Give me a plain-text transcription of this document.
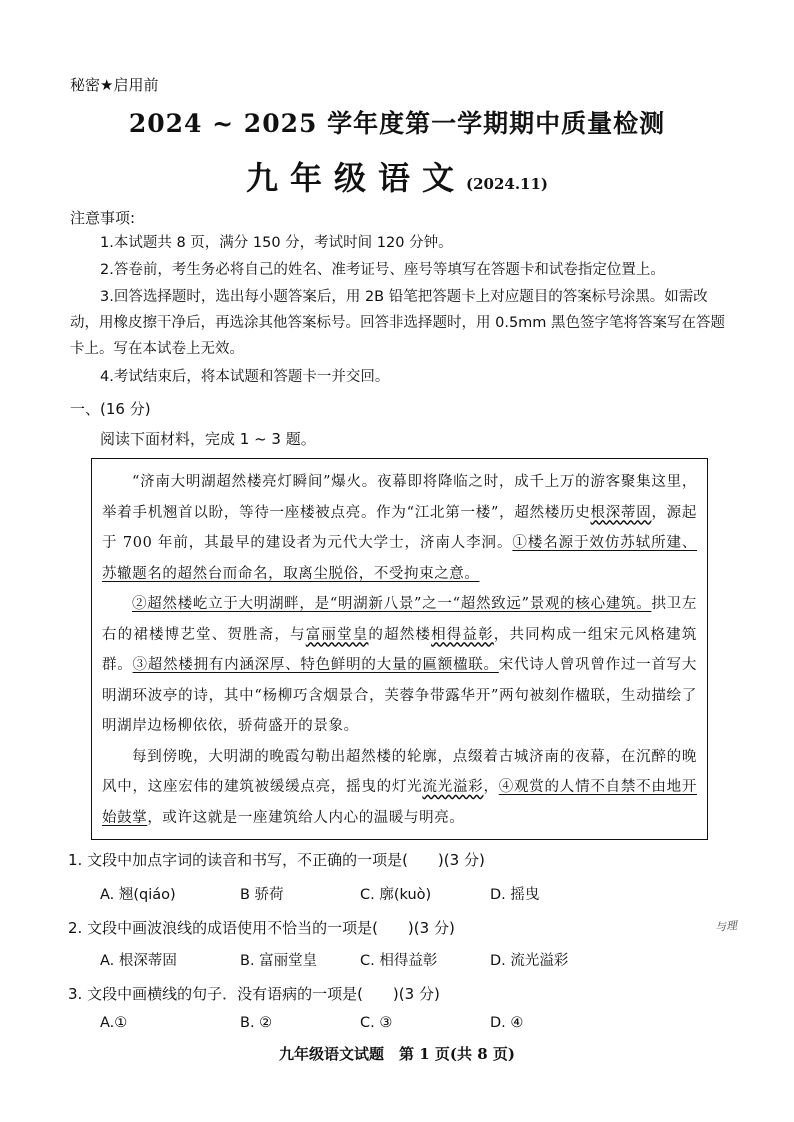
秘密★启用前
2024 ~ 2025 学年度第一学期期中质量检测
九年级语文(2024.11)
注意事项:
1.本试题共 8 页，满分 150 分，考试时间 120 分钟。
2.答卷前，考生务必将自己的姓名、准考证号、座号等填写在答题卡和试卷指定位置上。
3.回答选择题时，选出每小题答案后，用 2B 铅笔把答题卡上对应题目的答案标号涂黑。如需改动，用橡皮擦干净后，再选涂其他答案标号。回答非选择题时，用 0.5mm 黑色签字笔将答案写在答题卡上。写在本试卷上无效。
4.考试结束后，将本试题和答题卡一并交回。
一、(16 分)
阅读下面材料，完成 1 ~ 3 题。

“济南大明湖超然楼亮灯瞬间”爆火。夜幕即将降临之时，成千上万的游客聚集这里，举着手机翘首以盼，等待一座楼被点亮。作为“江北第一楼”，超然楼历史根深蒂固，源起于 700 年前，其最早的建设者为元代大学士，济南人李泂。①楼名源于效仿苏轼所建、苏辙题名的超然台而命名，取离尘脱俗，不受拘束之意。

②超然楼屹立于大明湖畔，是“明湖新八景”之一“超然致远”景观的核心建筑。拱卫左右的裙楼博艺堂、贺胜斋，与富丽堂皇的超然楼相得益彰，共同构成一组宋元风格建筑群。③超然楼拥有内涵深厚、特色鲜明的大量的匾额楹联。宋代诗人曾巩曾作过一首写大明湖环波亭的诗，其中“杨柳巧含烟景合，芙蓉争带露华开”两句被刻作楹联，生动描绘了明湖岸边杨柳依依，骄荷盛开的景象。

每到傍晚，大明湖的晚霞勾勒出超然楼的轮廓，点缀着古城济南的夜幕，在沉醉的晚风中，这座宏伟的建筑被缓缓点亮，摇曳的灯光流光溢彩，④观赏的人情不自禁不由地开始鼓掌，或许这就是一座建筑给人内心的温暖与明亮。

1. 文段中加点字词的读音和书写，不正确的一项是(　　)(3 分)
A. 翘(qiáo)	B 骄荷	C. 廓(kuò)	D. 摇曳
2. 文段中画波浪线的成语使用不恰当的一项是(　　)(3 分)	与理
A. 根深蒂固	B. 富丽堂皇	C. 相得益彰	D. 流光溢彩
3. 文段中画横线的句子．没有语病的一项是(　　)(3 分)
A.①	B. ②	C. ③	D. ④
九年级语文试题　第 1 页(共 8 页)
